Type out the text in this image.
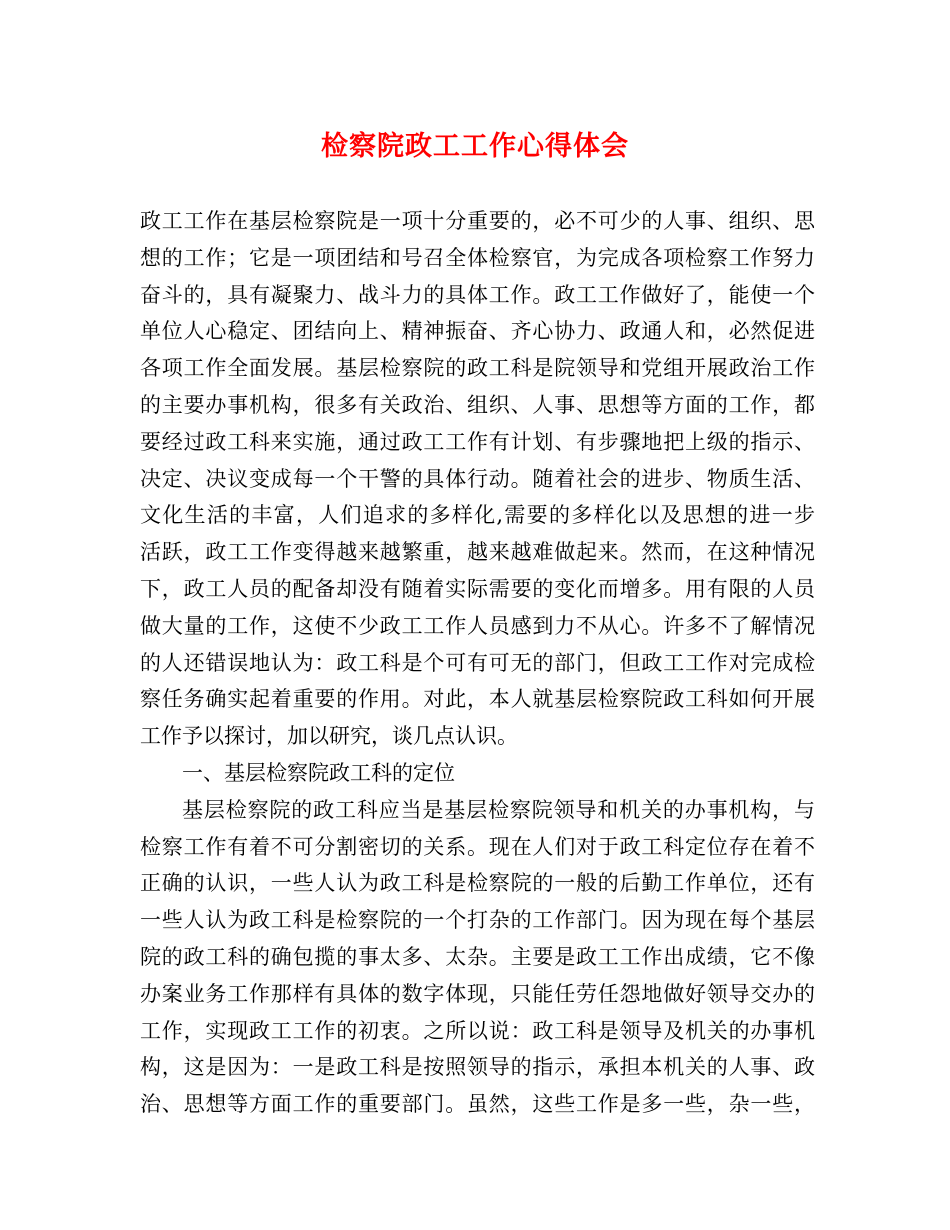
检察院政工工作心得体会
政工工作在基层检察院是一项十分重要的，必不可少的人事、组织、思
想的工作；它是一项团结和号召全体检察官，为完成各项检察工作努力
奋斗的，具有凝聚力、战斗力的具体工作。政工工作做好了，能使一个
单位人心稳定、团结向上、精神振奋、齐心协力、政通人和，必然促进
各项工作全面发展。基层检察院的政工科是院领导和党组开展政治工作
的主要办事机构，很多有关政治、组织、人事、思想等方面的工作，都
要经过政工科来实施，通过政工工作有计划、有步骤地把上级的指示、
决定、决议变成每一个干警的具体行动。随着社会的进步、物质生活、
文化生活的丰富，人们追求的多样化,需要的多样化以及思想的进一步
活跃，政工工作变得越来越繁重，越来越难做起来。然而，在这种情况
下，政工人员的配备却没有随着实际需要的变化而增多。用有限的人员
做大量的工作，这使不少政工工作人员感到力不从心。许多不了解情况
的人还错误地认为：政工科是个可有可无的部门，但政工工作对完成检
察任务确实起着重要的作用。对此，本人就基层检察院政工科如何开展
工作予以探讨，加以研究，谈几点认识。
一、基层检察院政工科的定位
基层检察院的政工科应当是基层检察院领导和机关的办事机构，与
检察工作有着不可分割密切的关系。现在人们对于政工科定位存在着不
正确的认识，一些人认为政工科是检察院的一般的后勤工作单位，还有
一些人认为政工科是检察院的一个打杂的工作部门。因为现在每个基层
院的政工科的确包揽的事太多、太杂。主要是政工工作出成绩，它不像
办案业务工作那样有具体的数字体现，只能任劳任怨地做好领导交办的
工作，实现政工工作的初衷。之所以说：政工科是领导及机关的办事机
构，这是因为：一是政工科是按照领导的指示，承担本机关的人事、政
治、思想等方面工作的重要部门。虽然，这些工作是多一些，杂一些，
